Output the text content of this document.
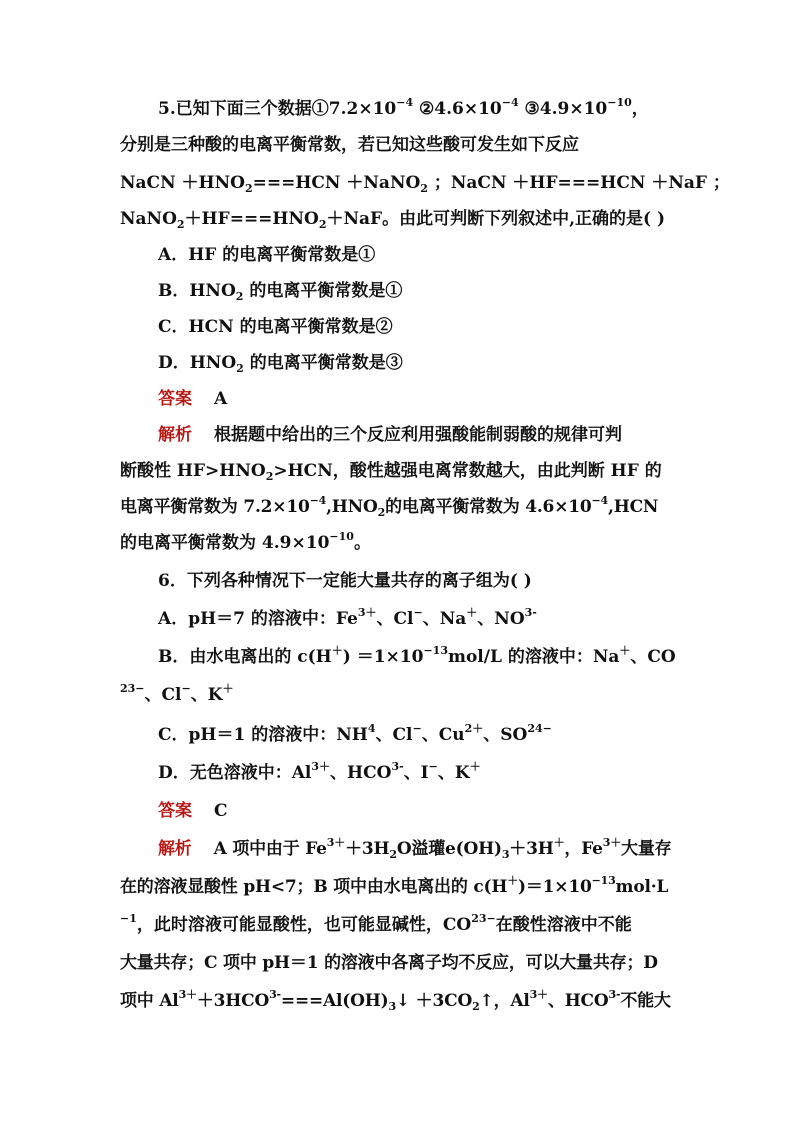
5.已知下面三个数据$①7.2\times 10^{-4}$ $②4.6\times 10^{-4}$ $③4.9\times 10^{-10}$，
分别是三种酸的电离平衡常数，若已知这些酸可发生如下反应
NaCN $+HNO_2===HCN$ ＋NaNO$_2$ ；NaCN ＋HF===HCN ＋NaF ；
$NaNO_2+HF===HNO_2+NaF$。由此可判断下列叙述中,正确的是( )
A．HF 的电离平衡常数是①
B．$HNO_2$ 的电离平衡常数是①
C．HCN 的电离平衡常数是②
D．$HNO_2$ 的电离平衡常数是③
答案 A
解析 根据题中给出的三个反应利用强酸能制弱酸的规律可判
断酸性 $HF>HNO_2>HCN$，酸性越强电离常数越大，由此判断 HF 的
电离平衡常数为 $7.2\times 10^{-4},HNO_2$的电离平衡常数为 $4.6\times 10^{-4},HCN$
的电离平衡常数为 $4.9\times 10^{-10}$。
6．下列各种情况下一定能大量共存的离子组为( )
A．pH＝7 的溶液中：$Fe^{3+}$、Cl−、Na＋、$NO^{3-}$
B．由水电离出的 $c(H^+) =1\times 10^{-13}mol/L$ 的溶液中：Na＋、CO
$^{23-}$、Cl−、K＋
C．pH＝1 的溶液中：$NH^4$、Cl−、$Cu^{2+}$、$SO^{24-}$
D．无色溶液中：$Al^{3+}$、$HCO^{3-}$、I−、K＋
答案 C
解析 A 项中由于 $Fe^{3+}+3H_2O$溢瓘$e(OH)_3+3H^+$，$Fe^{3+}$大量存
在的溶液显酸性 pH<7；B 项中由水电离出的 $c(H^+)=1\times 10^{-13}mol\cdot L$
$^{-1}$，此时溶液可能显酸性，也可能显碱性，$CO^{23-}$在酸性溶液中不能
大量共存；C 项中 pH＝1 的溶液中各离子均不反应，可以大量共存；D
项中 $Al^{3+}+3HCO^{3-}===Al(OH)_3↓$ $+3CO_2↑$，$Al^{3+}$、$HCO^{3-}$不能大
